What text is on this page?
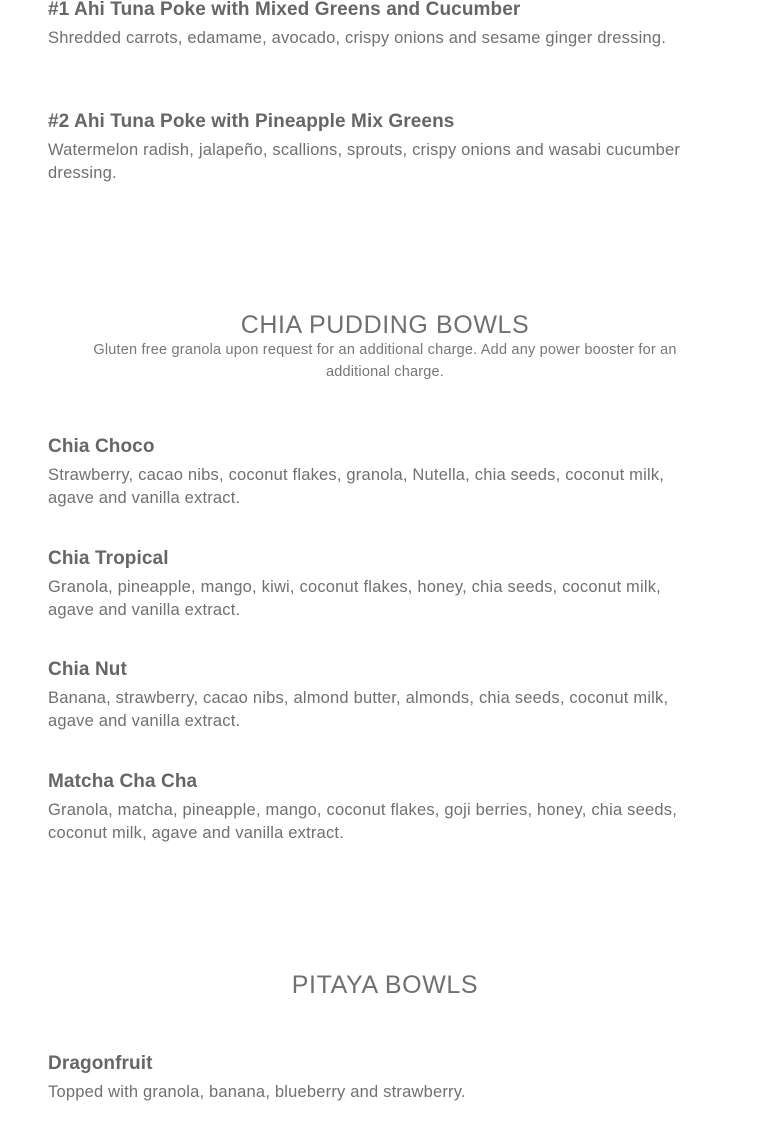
#1 Ahi Tuna Poke with Mixed Greens and Cucumber

Shredded carrots, edamame, avocado, crispy onions and sesame ginger dressing.

#2 Ahi Tuna Poke with Pineapple Mix Greens

Watermelon radish, jalapeño, scallions, sprouts, crispy onions and wasabi cucumber dressing.

CHIA PUDDING BOWLS

Gluten free granola upon request for an additional charge. Add any power booster for an additional charge.

Chia Choco

Strawberry, cacao nibs, coconut flakes, granola, Nutella, chia seeds, coconut milk, agave and vanilla extract.

Chia Tropical

Granola, pineapple, mango, kiwi, coconut flakes, honey, chia seeds, coconut milk, agave and vanilla extract.

Chia Nut

Banana, strawberry, cacao nibs, almond butter, almonds, chia seeds, coconut milk, agave and vanilla extract.

Matcha Cha Cha

Granola, matcha, pineapple, mango, coconut flakes, goji berries, honey, chia seeds, coconut milk, agave and vanilla extract.

PITAYA BOWLS
Dragonfruit

Topped with granola, banana, blueberry and strawberry.
